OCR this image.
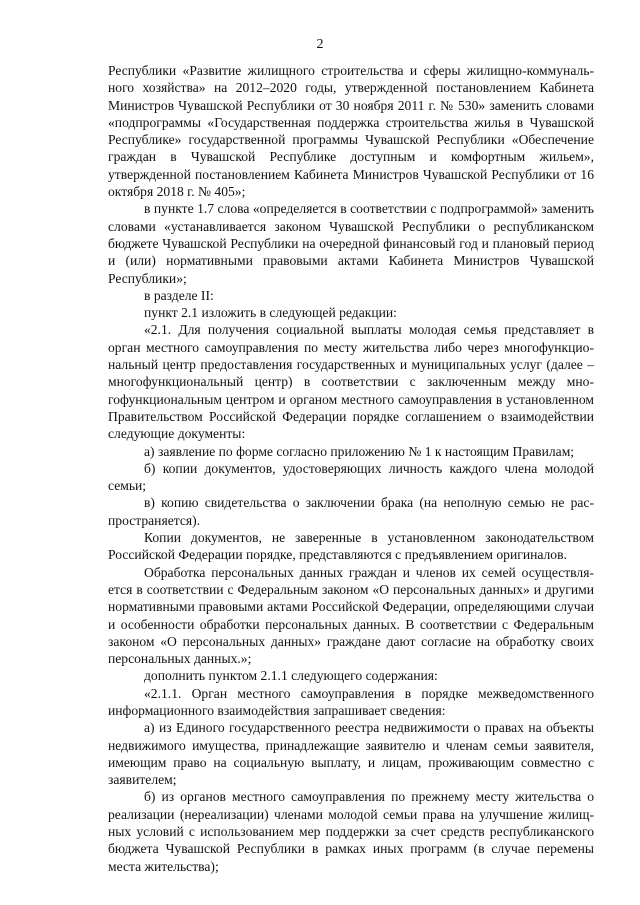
2

Республики «Развитие жилищного строительства и сферы жилищно-коммунального хозяйства» на 2012–2020 годы, утвержденной постановлением Кабинета Министров Чувашской Республики от 30 ноября 2011 г. № 530» заменить словами «подпрограммы «Государственная поддержка строительства жилья в Чувашской Республике» государственной программы Чувашской Республики «Обеспечение граждан в Чувашской Республике доступным и комфортным жильем», утвержденной постановлением Кабинета Министров Чувашской Республики от 16 октября 2018 г. № 405»;

в пункте 1.7 слова «определяется в соответствии с подпрограммой» заменить словами «устанавливается законом Чувашской Республики о республиканском бюджете Чувашской Республики на очередной финансовый год и плановый период и (или) нормативными правовыми актами Кабинета Министров Чувашской Республики»;

в разделе II:

пункт 2.1 изложить в следующей редакции:

«2.1. Для получения социальной выплаты молодая семья представляет в орган местного самоуправления по месту жительства либо через многофункциональный центр предоставления государственных и муниципальных услуг (далее – многофункциональный центр) в соответствии с заключенным между многофункциональным центром и органом местного самоуправления в установленном Правительством Российской Федерации порядке соглашением о взаимодействии следующие документы:

а) заявление по форме согласно приложению № 1 к настоящим Правилам;

б) копии документов, удостоверяющих личность каждого члена молодой семьи;

в) копию свидетельства о заключении брака (на неполную семью не распространяется).

Копии документов, не заверенные в установленном законодательством Российской Федерации порядке, представляются с предъявлением оригиналов.

Обработка персональных данных граждан и членов их семей осуществляется в соответствии с Федеральным законом «О персональных данных» и другими нормативными правовыми актами Российской Федерации, определяющими случаи и особенности обработки персональных данных. В соответствии с Федеральным законом «О персональных данных» граждане дают согласие на обработку своих персональных данных.»;

дополнить пунктом 2.1.1 следующего содержания:

«2.1.1. Орган местного самоуправления в порядке межведомственного информационного взаимодействия запрашивает сведения:

а) из Единого государственного реестра недвижимости о правах на объекты недвижимого имущества, принадлежащие заявителю и членам семьи заявителя, имеющим право на социальную выплату, и лицам, проживающим совместно с заявителем;

б) из органов местного самоуправления по прежнему месту жительства о реализации (нереализации) членами молодой семьи права на улучшение жилищных условий с использованием мер поддержки за счет средств республиканского бюджета Чувашской Республики в рамках иных программ (в случае перемены места жительства);
